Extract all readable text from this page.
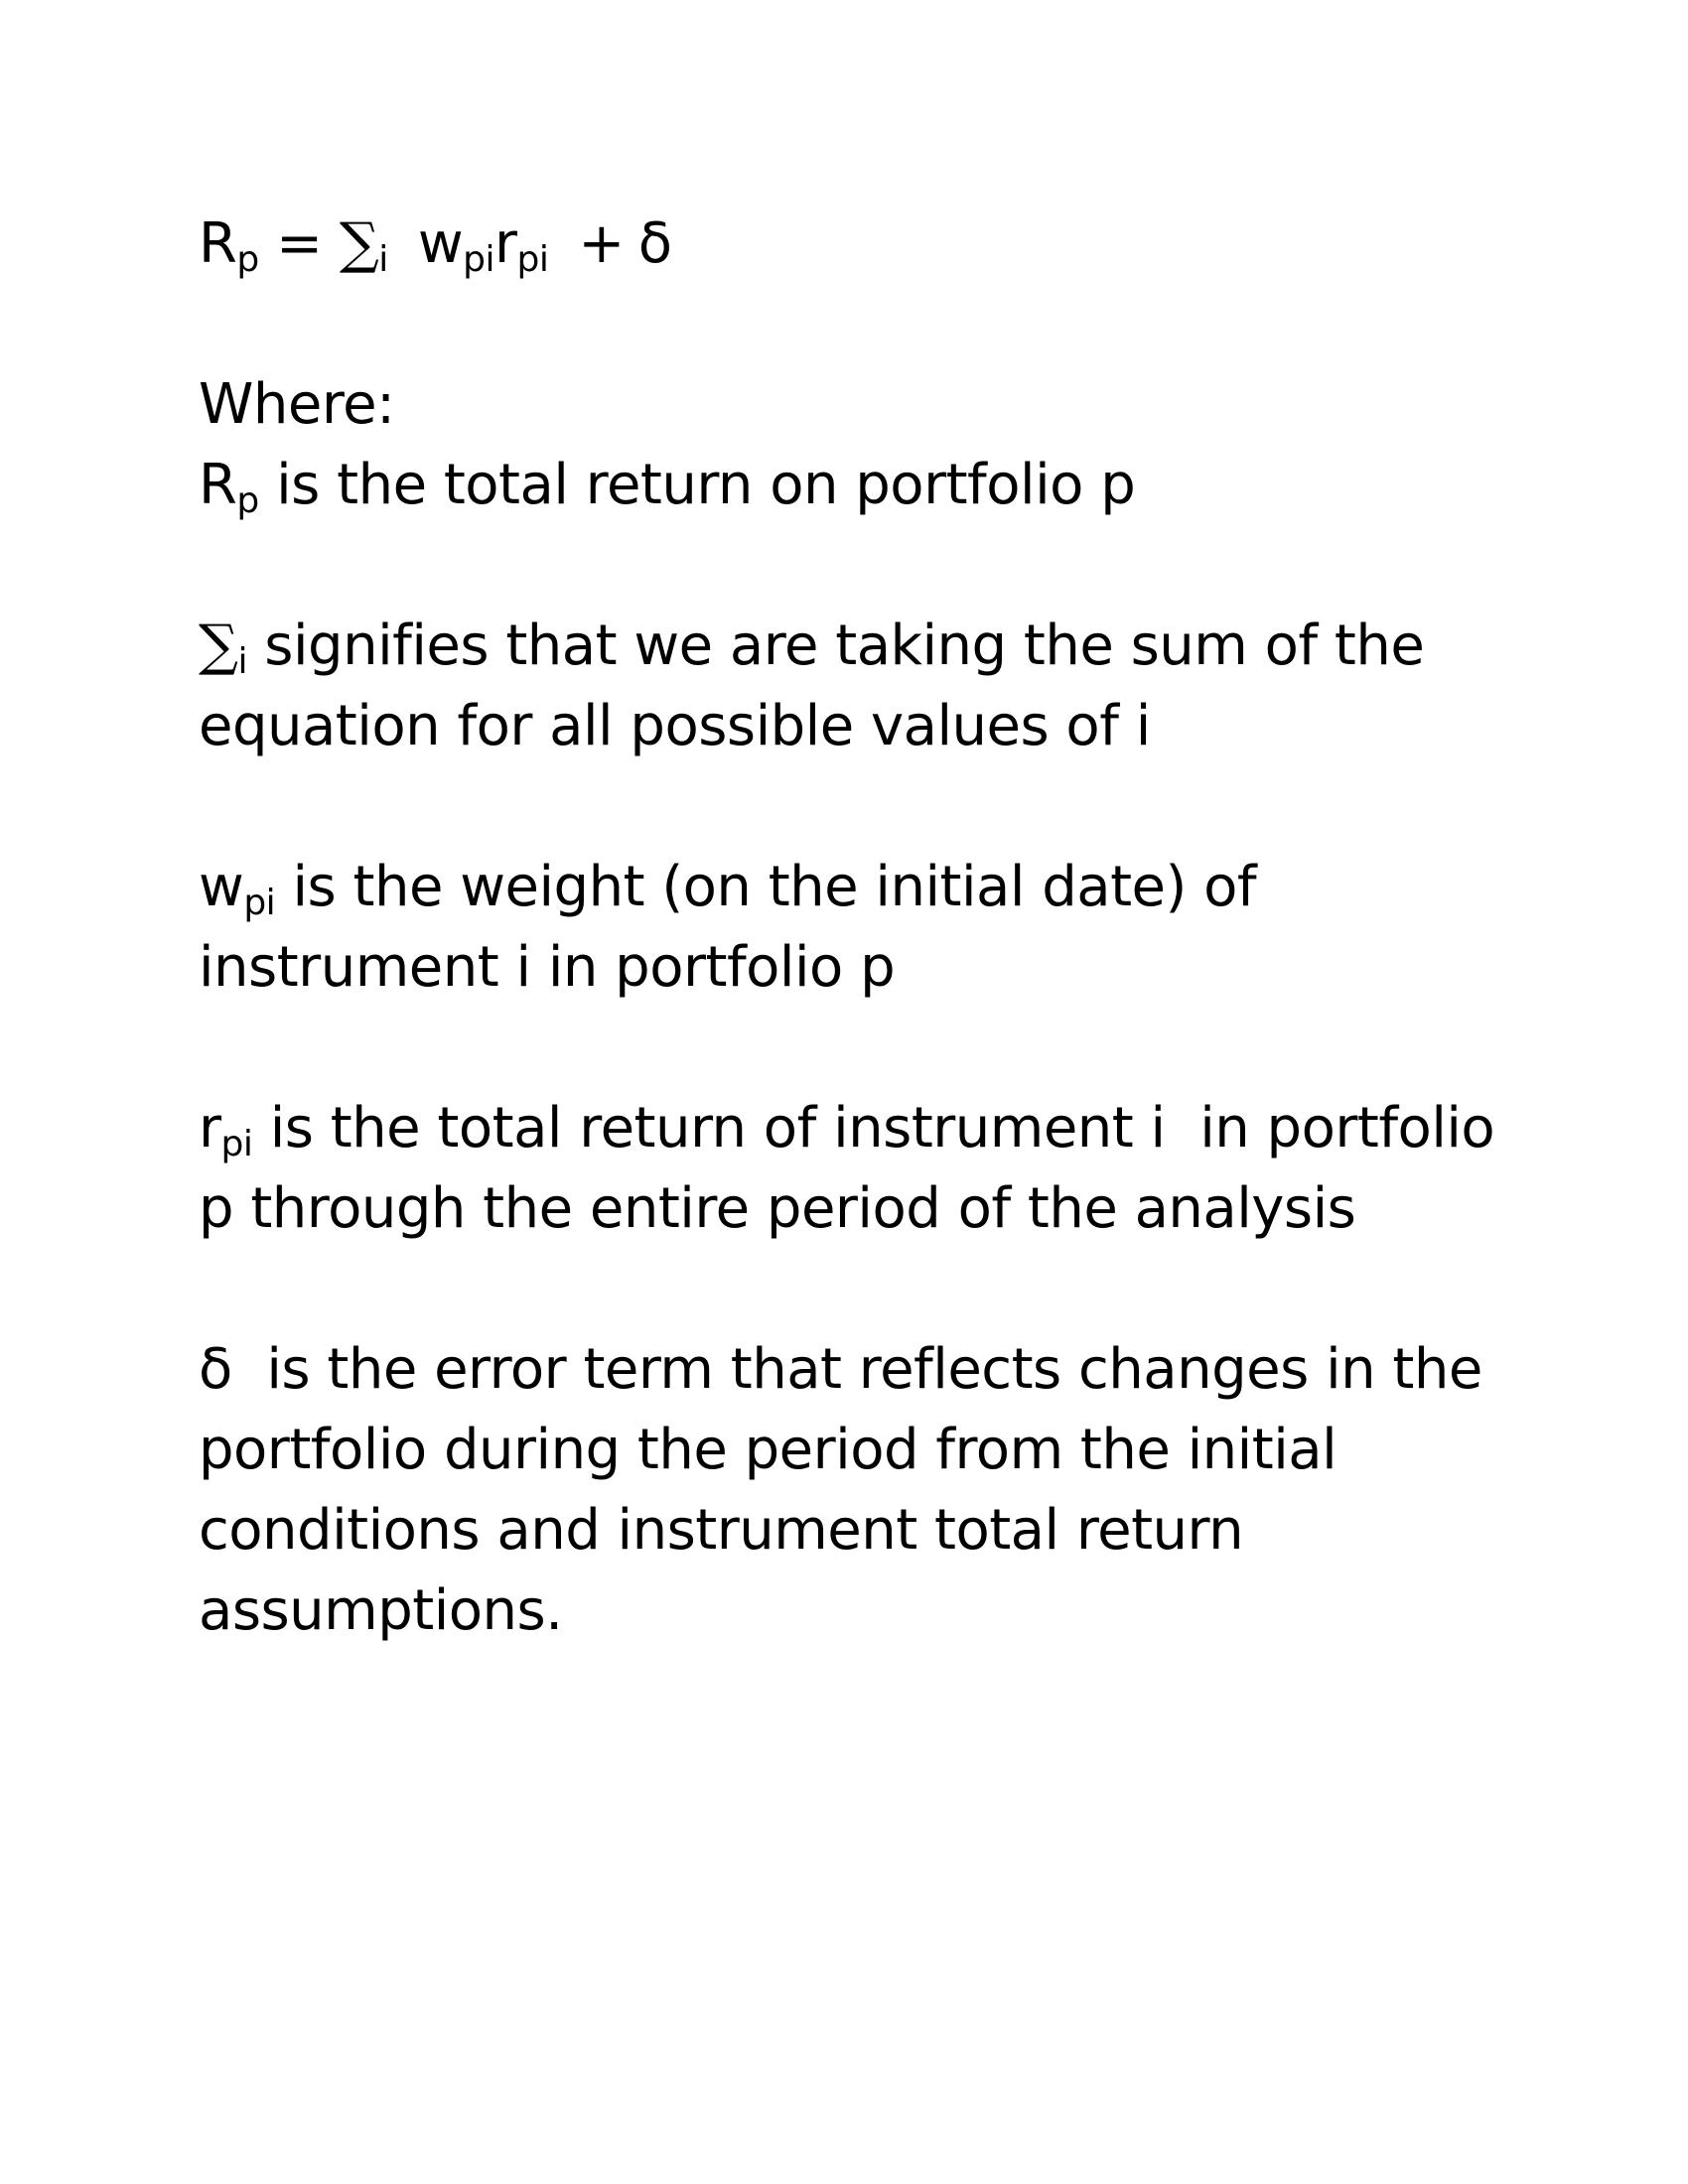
$R_p = \sum_i$ $w_{pi}r_{pi} + \delta$
Where:
$R_p$ is the total return on portfolio p
$\sum_i$ signifies that we are taking the sum of the
equation for all possible values of i
$w_{pi}$ is the weight (on the initial date) of
instrument i in portfolio p
$r_{pi}$ is the total return of instrument i  in portfolio
p through the entire period of the analysis
δ  is the error term that reflects changes in the
portfolio during the period from the initial
conditions and instrument total return
assumptions.
